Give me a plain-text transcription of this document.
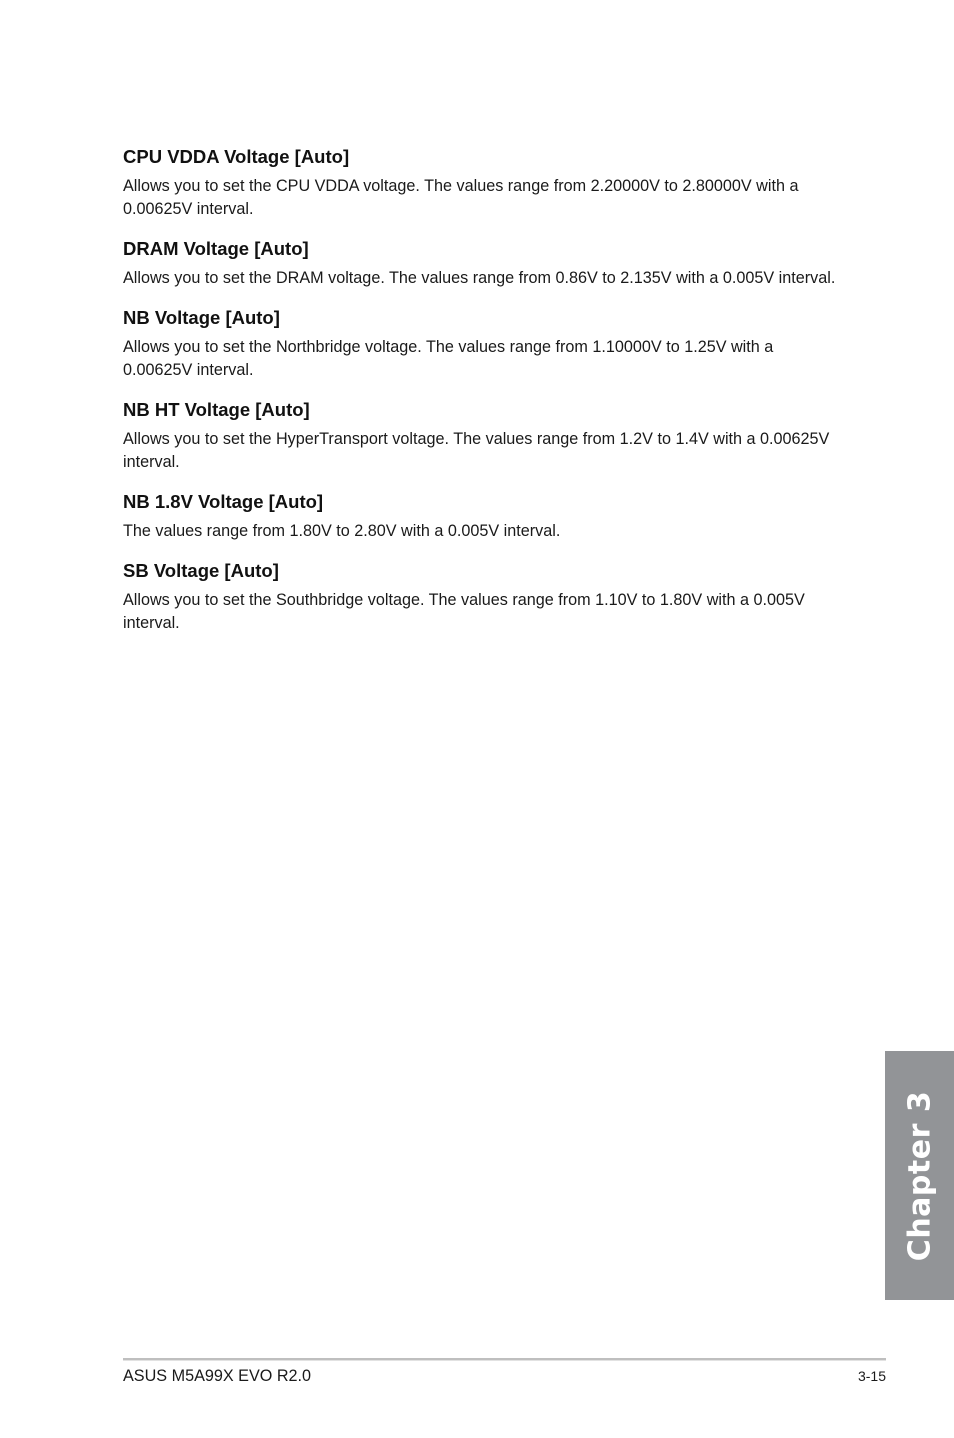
CPU VDDA Voltage [Auto]

Allows you to set the CPU VDDA voltage. The values range from 2.20000V to 2.80000V with a 0.00625V interval.

DRAM Voltage [Auto]

Allows you to set the DRAM voltage. The values range from 0.86V to 2.135V with a 0.005V interval.

NB Voltage [Auto]

Allows you to set the Northbridge voltage. The values range from 1.10000V to 1.25V with a 0.00625V interval.

NB HT Voltage [Auto]

Allows you to set the HyperTransport voltage. The values range from 1.2V to 1.4V with a 0.00625V interval.

NB 1.8V Voltage [Auto]

The values range from 1.80V to 2.80V with a 0.005V interval.

SB Voltage [Auto]

Allows you to set the Southbridge voltage. The values range from 1.10V to 1.80V with a 0.005V interval.

Chapter 3
ASUS M5A99X EVO R2.0	3-15
